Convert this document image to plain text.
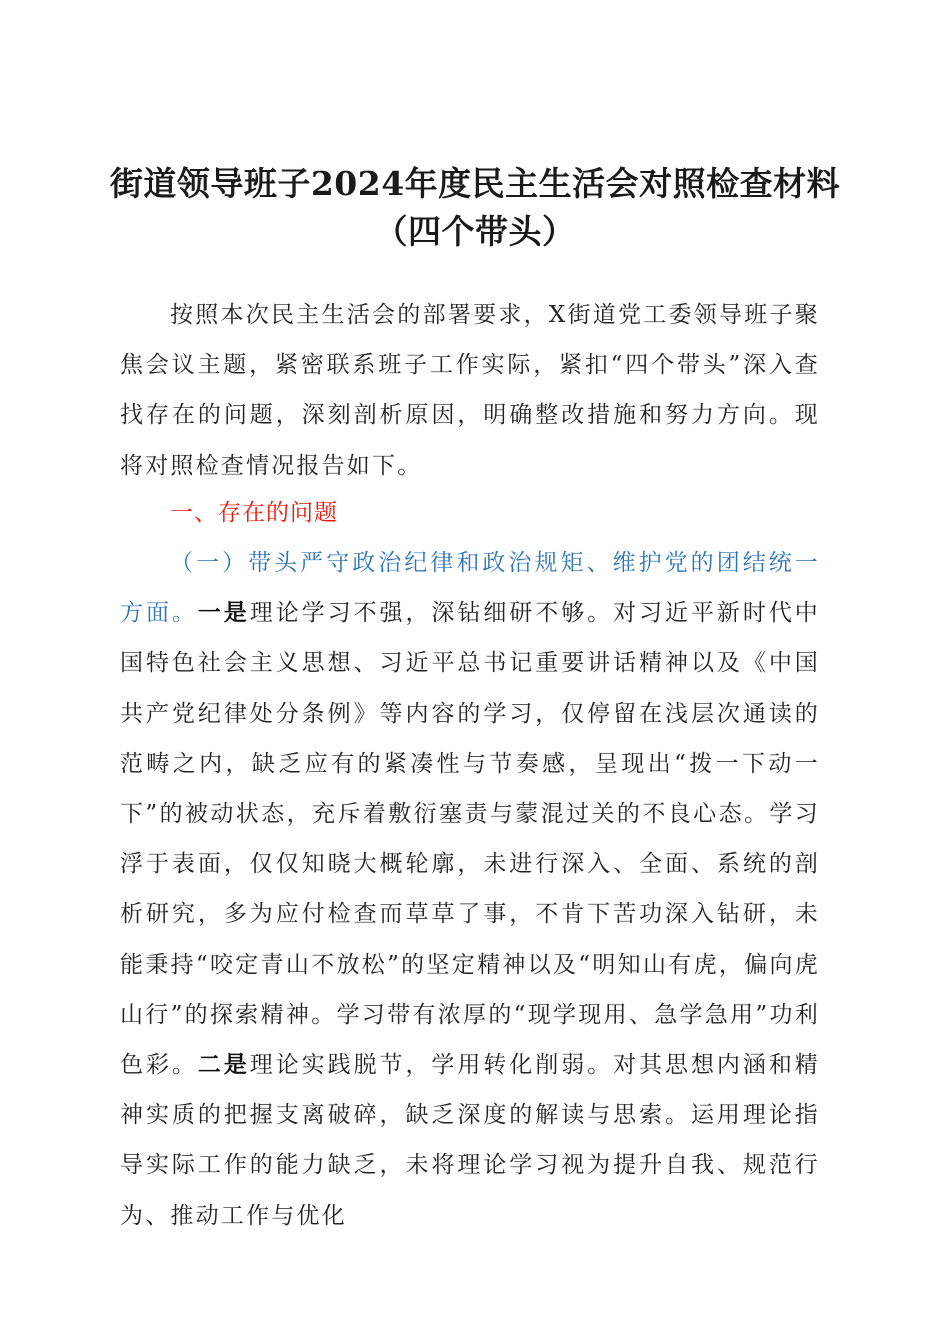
街道领导班子2024年度民主生活会对照检查材料（四个带头）

按照本次民主生活会的部署要求，X街道党工委领导班子聚焦会议主题，紧密联系班子工作实际，紧扣“四个带头”深入查找存在的问题，深刻剖析原因，明确整改措施和努力方向。现将对照检查情况报告如下。

一、存在的问题

（一）带头严守政治纪律和政治规矩、维护党的团结统一方面。一是理论学习不强，深钻细研不够。对习近平新时代中国特色社会主义思想、习近平总书记重要讲话精神以及《中国共产党纪律处分条例》等内容的学习，仅停留在浅层次通读的范畴之内，缺乏应有的紧凑性与节奏感，呈现出“拨一下动一下”的被动状态，充斥着敷衍塞责与蒙混过关的不良心态。学习浮于表面，仅仅知晓大概轮廓，未进行深入、全面、系统的剖析研究，多为应付检查而草草了事，不肯下苦功深入钻研，未能秉持“咬定青山不放松”的坚定精神以及“明知山有虎，偏向虎山行”的探索精神。学习带有浓厚的“现学现用、急学急用”功利色彩。二是理论实践脱节，学用转化削弱。对其思想内涵和精神实质的把握支离破碎，缺乏深度的解读与思索。运用理论指导实际工作的能力缺乏，未将理论学习视为提升自我、规范行为、推动工作与优化
